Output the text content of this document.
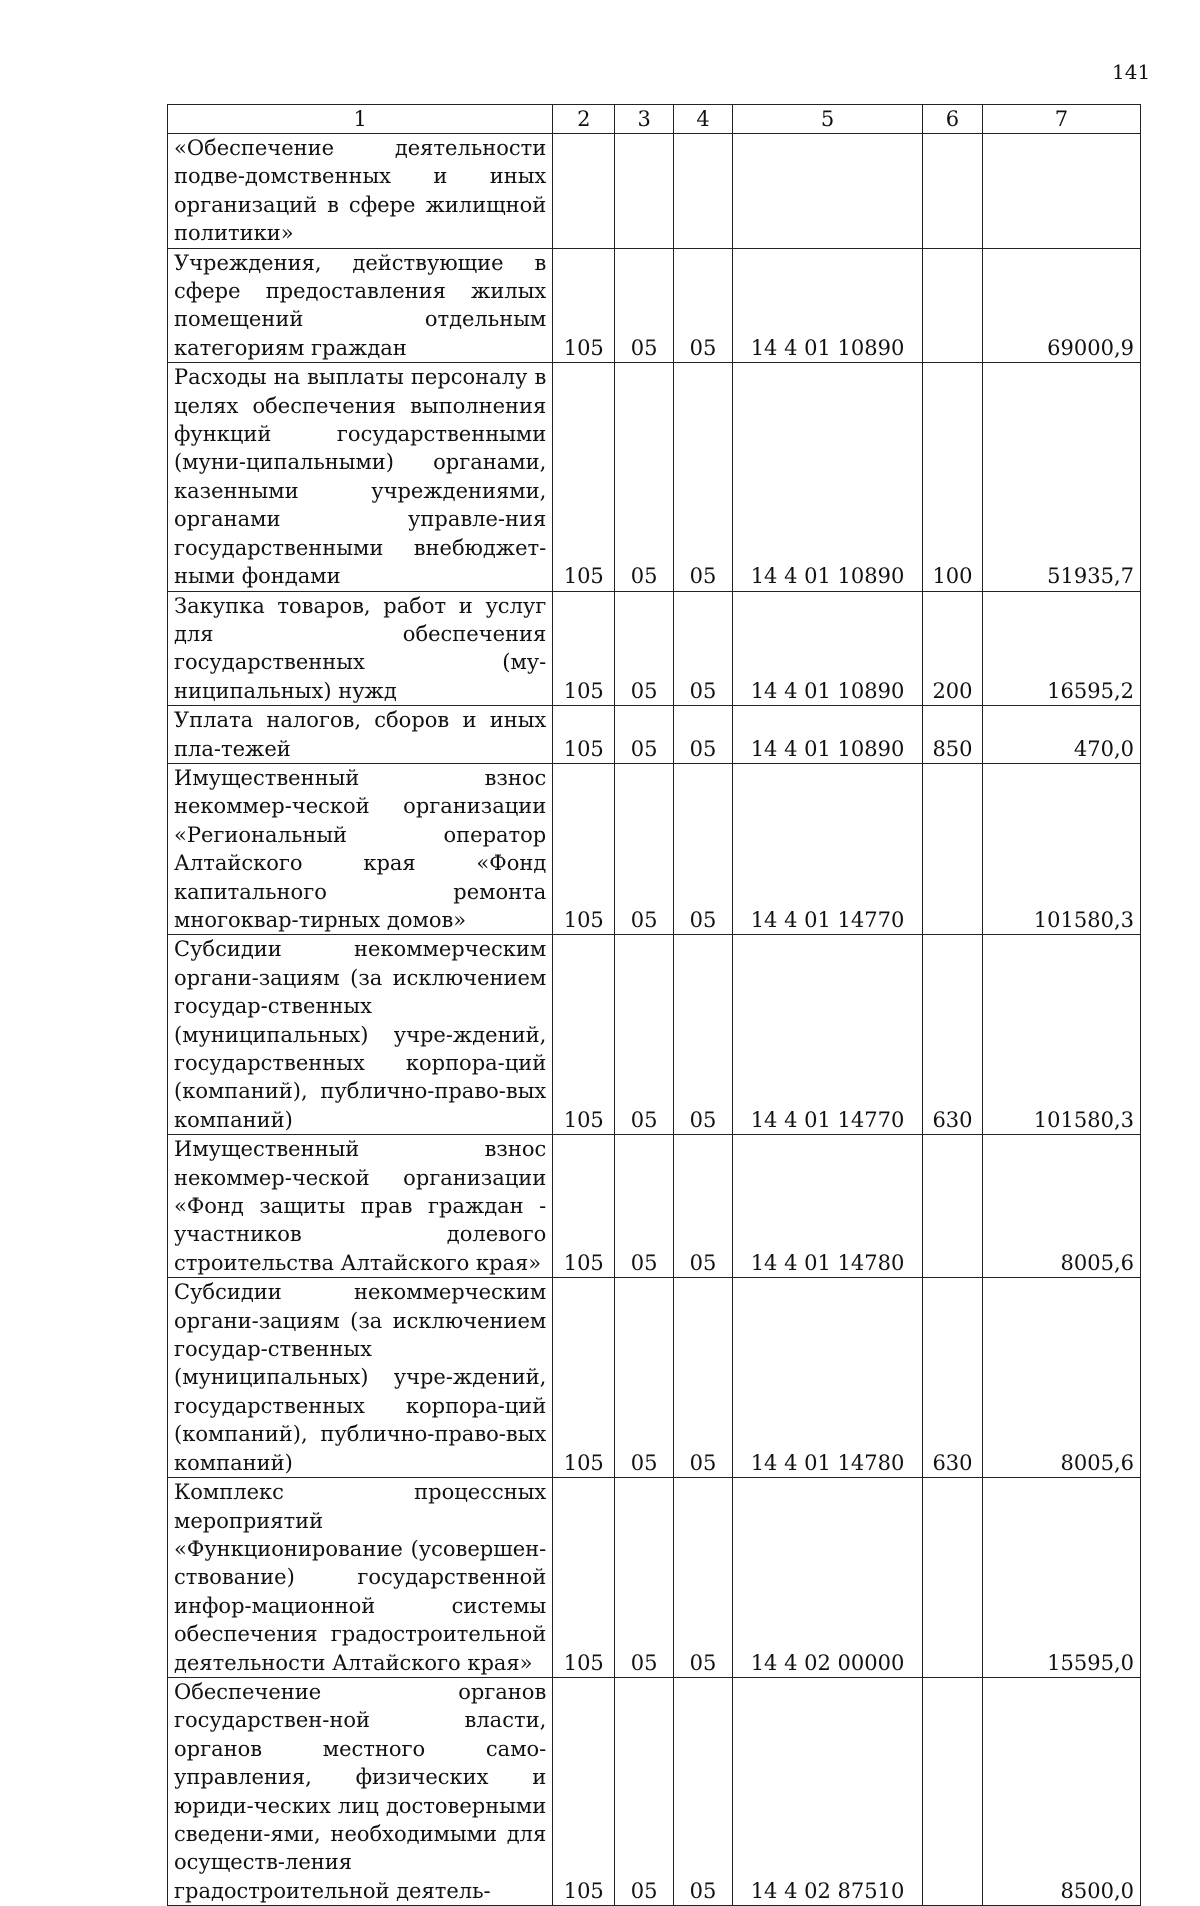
141
1	2	3	4	5	6	7
«Обеспечение деятельности подве-домственных и иных организаций в сфере жилищной политики»						
Учреждения, действующие в сфере предоставления жилых помещений отдельным категориям граждан	105	05	05	14 4 01 10890		69000,9
Расходы на выплаты персоналу в целях обеспечения выполнения функций государственными (муни-ципальными) органами, казенными учреждениями, органами управле-ния государственными внебюджет-ными фондами	105	05	05	14 4 01 10890	100	51935,7
Закупка товаров, работ и услуг для обеспечения государственных (му-ниципальных) нужд	105	05	05	14 4 01 10890	200	16595,2
Уплата налогов, сборов и иных пла-тежей	105	05	05	14 4 01 10890	850	470,0
Имущественный взнос некоммер-ческой организации «Региональный оператор Алтайского края «Фонд капитального ремонта многоквар-тирных домов»	105	05	05	14 4 01 14770		101580,3
Субсидии некоммерческим органи-зациям (за исключением государ-ственных (муниципальных) учре-ждений, государственных корпора-ций (компаний), публично-право-вых компаний)	105	05	05	14 4 01 14770	630	101580,3
Имущественный взнос некоммер-ческой организации «Фонд защиты прав граждан - участников долевого строительства Алтайского края»	105	05	05	14 4 01 14780		8005,6
Субсидии некоммерческим органи-зациям (за исключением государ-ственных (муниципальных) учре-ждений, государственных корпора-ций (компаний), публично-право-вых компаний)	105	05	05	14 4 01 14780	630	8005,6
Комплекс процессных мероприятий «Функционирование (усовершен-ствование) государственной инфор-мационной системы обеспечения градостроительной деятельности Алтайского края»	105	05	05	14 4 02 00000		15595,0
Обеспечение органов государствен-ной власти, органов местного само-управления, физических и юриди-ческих лиц достоверными сведени-ями, необходимыми для осуществ-ления градостроительной деятель-	105	05	05	14 4 02 87510		8500,0
